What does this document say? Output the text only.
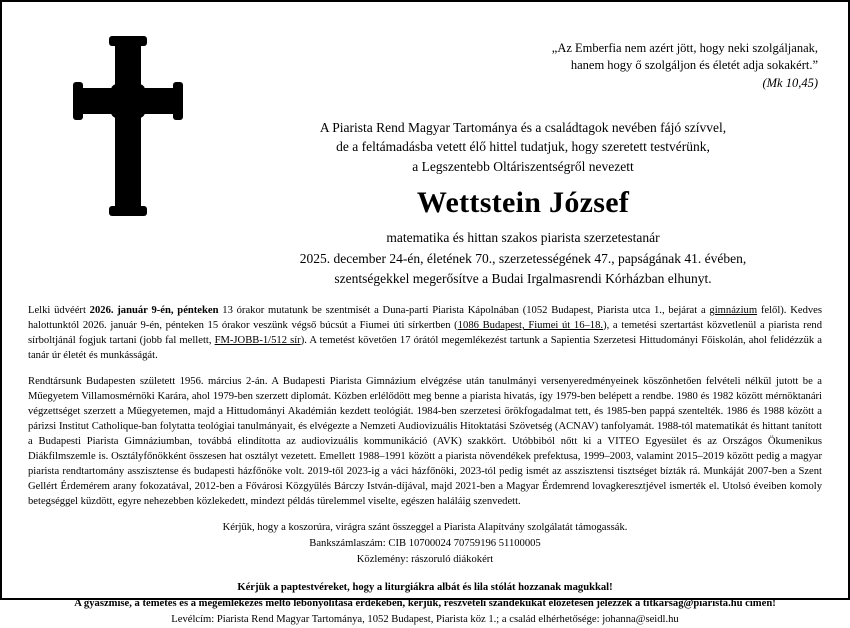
„Az Emberfia nem azért jött, hogy neki szolgáljanak,
hanem hogy ő szolgáljon és életét adja sokakért.”
(Mk 10,45)
A Piarista Rend Magyar Tartománya és a családtagok nevében fájó szívvel,
de a feltámadásba vetett élő hittel tudatjuk, hogy szeretett testvérünk,
a Legszentebb Oltáriszentségről nevezett
Wettstein József
matematika és hittan szakos piarista szerzetestanár
2025. december 24-én, életének 70., szerzetességének 47., papságának 41. évében,
szentségekkel megerősítve a Budai Irgalmasrendi Kórházban elhunyt.

Lelki üdvéért 2026. január 9-én, pénteken 13 órakor mutatunk be szentmisét a Duna-parti Piarista Kápolnában (1052 Budapest, Piarista utca 1., bejárat a gimnázium felől). Kedves halottunktól 2026. január 9-én, pénteken 15 órakor veszünk végső búcsút a Fiumei úti sírkertben (1086 Budapest, Fiumei út 16–18.), a temetési szertartást közvetlenül a piarista rend sírboltjánál fogjuk tartani (jobb fal mellett, FM-JOBB-1/512 sír). A temetést követően 17 órától megemlékezést tartunk a Sapientia Szerzetesi Hittudományi Főiskolán, ahol felidézzük a tanár úr életét és munkásságát.

Rendtársunk Budapesten született 1956. március 2-án. A Budapesti Piarista Gimnázium elvégzése után tanulmányi versenyeredményeinek köszönhetően felvételi nélkül jutott be a Műegyetem Villamosmérnöki Karára, ahol 1979-ben szerzett diplomát. Közben erlélődött meg benne a piarista hivatás, így 1979-ben belépett a rendbe. 1980 és 1982 között mérnöktanári végzettséget szerzett a Műegyetemen, majd a Hittudományi Akadémián kezdett teológiát. 1984-ben szerzetesi örökfogadalmat tett, és 1985-ben pappá szentelték. 1986 és 1988 között a párizsi Institut Catholique-ban folytatta teológiai tanulmányait, és elvégezte a Nemzeti Audiovizuális Hitoktatási Szövetség (ACNAV) tanfolyamát. 1988-tól matematikát és hittant tanított a Budapesti Piarista Gimnáziumban, továbbá elindította az audiovizuális kommunikáció (AVK) szakkört. Utóbbiból nőtt ki a VITEO Egyesület és az Országos Ökumenikus Diákfilmszemle is. Osztályfőnökként összesen hat osztályt vezetett. Emellett 1988–1991 között a piarista növendékek prefektusa, 1999–2003, valamint 2015–2019 között pedig a magyar piarista rendtartomány asszisztense és budapesti házfőnöke volt. 2019-től 2023-ig a váci házfőnöki, 2023-tól pedig ismét az asszisztensi tisztséget bízták rá. Munkáját 2007-ben a Szent Gellért Érdemérem arany fokozatával, 2012-ben a Fővárosi Közgyűlés Bárczy István-díjával, majd 2021-ben a Magyar Érdemrend lovagkeresztjével ismerték el. Utolsó éveiben komoly betegséggel küzdött, egyre nehezebben közlekedett, mindezt példás türelemmel viselte, egészen haláláig szenvedett.

Kérjük, hogy a koszorúra, virágra szánt összeggel a Piarista Alapítvány szolgálatát támogassák.
Bankszámlaszám: CIB 10700024 70759196 51100005
Közlemény: rászoruló diákokért
Kérjük a paptestvéreket, hogy a liturgiákra albát és lila stólát hozzanak magukkal!
A gyászmise, a temetés és a megemlékezés méltó lebonyolítása érdekében, kérjük, részvételi szándékukat előzetesen jelezzék a titkarsag@piarista.hu címen!
Levélcím: Piarista Rend Magyar Tartománya, 1052 Budapest, Piarista köz 1.; a család elhérhetősége: johanna@seidl.hu
